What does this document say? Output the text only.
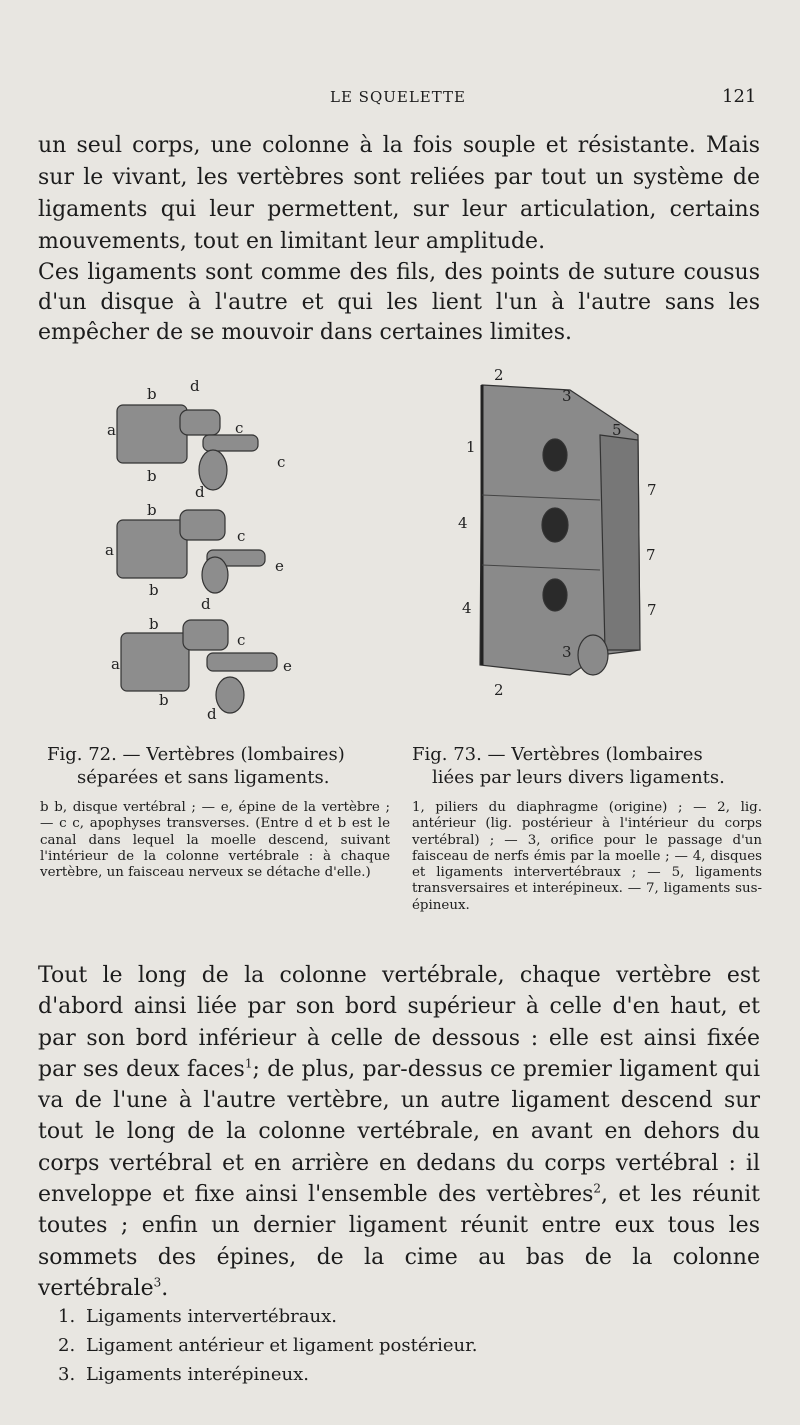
LE SQUELETTE	121

un seul corps, une colonne à la fois souple et résistante. Mais sur le vivant, les vertèbres sont reliées par tout un système de ligaments qui leur permettent, sur leur articulation, certains mouvements, tout en limitant leur amplitude.

Ces ligaments sont comme des fils, des points de suture cousus d'un disque à l'autre et qui les lient l'un à l'autre sans les empêcher de se mouvoir dans certaines limites.

b d
a	c
c
b
d
b
a
c
e
b
d
b
c
a	e
b
d
2
3
5
1
7
4
7
4	7
3
2
Fig. 72. — Vertèbres (lombaires)
séparées et sans ligaments.
Fig. 73. — Vertèbres (lombaires
liées par leurs divers ligaments.

b b, disque vertébral ; — e, épine de la vertèbre ; — c c, apophyses transverses. (Entre d et b est le canal dans lequel la moelle descend, suivant l'intérieur de la colonne vertébrale : à chaque vertèbre, un faisceau nerveux se détache d'elle.)

1, piliers du diaphragme (origine) ; — 2, lig. antérieur (lig. postérieur à l'intérieur du corps vertébral) ; — 3, orifice pour le passage d'un faisceau de nerfs émis par la moelle ; — 4, disques et ligaments intervertébraux ; — 5, ligaments transversaires et interépineux. — 7, ligaments sus-épineux.

Tout le long de la colonne vertébrale, chaque vertèbre est d'abord ainsi liée par son bord supérieur à celle d'en haut, et par son bord inférieur à celle de dessous : elle est ainsi fixée par ses deux faces$^1$; de plus, par-dessus ce premier ligament qui va de l'une à l'autre vertèbre, un autre ligament descend sur tout le long de la colonne vertébrale, en avant en dehors du corps vertébral et en arrière en dedans du corps vertébral : il enveloppe et fixe ainsi l'ensemble des vertèbres$^2$, et les réunit toutes ; enfin un dernier ligament réunit entre eux tous les sommets des épines, de la cime au bas de la colonne vertébrale$^3$.

1. Ligaments intervertébraux.
2. Ligament antérieur et ligament postérieur.
3. Ligaments interépineux.
